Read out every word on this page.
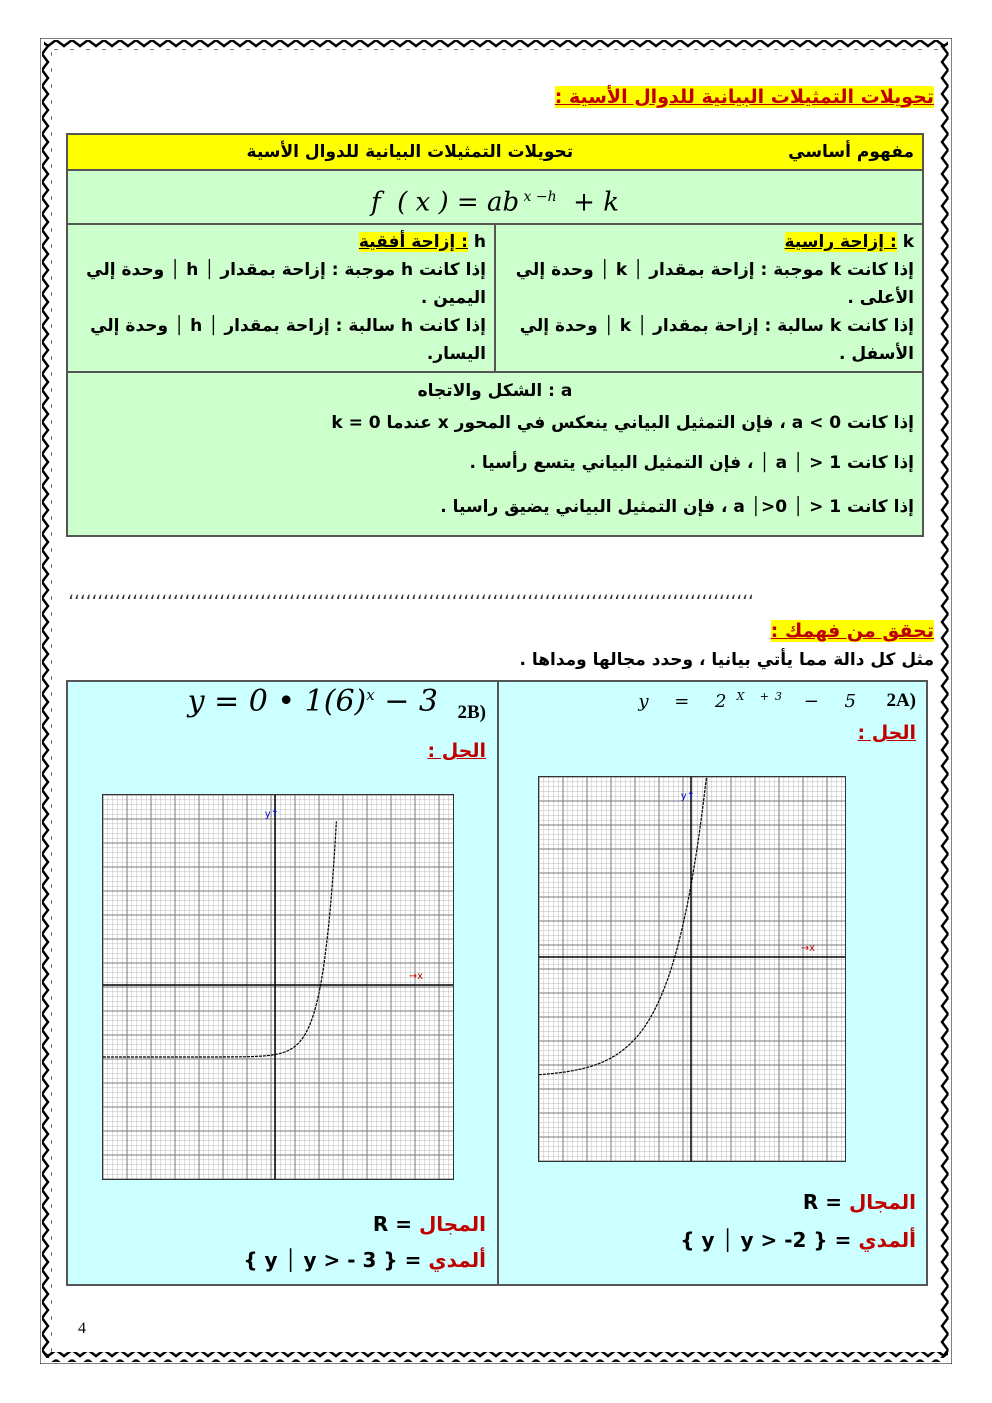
تحويلات التمثيلات البيانية للدوال الأسية :
مفهوم أساسي
تحويلات التمثيلات البيانية للدوال الأسية

f  ( x ) = ab $^{x -h}$  + k

k : إزاحة راسية
إذا كانت k موجبة : إزاحة بمقدار │ k │ وحدة إلي الأعلى .
إذا كانت k سالبة : إزاحة بمقدار │ k │ وحدة إلي الأسفل .

h : إزاحة أفقية
إذا كانت h موجبة : إزاحة بمقدار │ h │ وحدة إلي اليمين .
إذا كانت h سالبة : إزاحة بمقدار │ h │ وحدة إلي اليسار.

a : الشكل والاتجاه
إذا كانت 0 > a ، فإن التمثيل البياني ينعكس في المحور x عندما k = 0
إذا كانت 1 < │ a │ ، فإن التمثيل البياني يتسع رأسيا .
إذا كانت 1 < │ a │>0 ، فإن التمثيل البياني يضيق راسيا .
،،،،،،،،،،،،،،،،،،،،،،،،،،،،،،،،،،،،،،،،،،،،،،،،،،،،،،،،،،،،،،،،،،،،،،،،،،،،،،،،،،،،،،،،،،،،،،،،،،،،،،،،،،،،،،،،،،،،،،
تحقق من فهمك :
مثل كل دالة مما يأتي بيانيا ، وحدد مجالها ومداها .
(2A
$y = 2^{X +3} - 5$
الحل :
x→
↑y
المجال = R
ألمدي = { y │ y > -2 }
(2B
y = 0 • $1(6)^x - 3$
الحل :
x→
↑y
المجال = R
ألمدي = { y │ y > - 3 }
4
